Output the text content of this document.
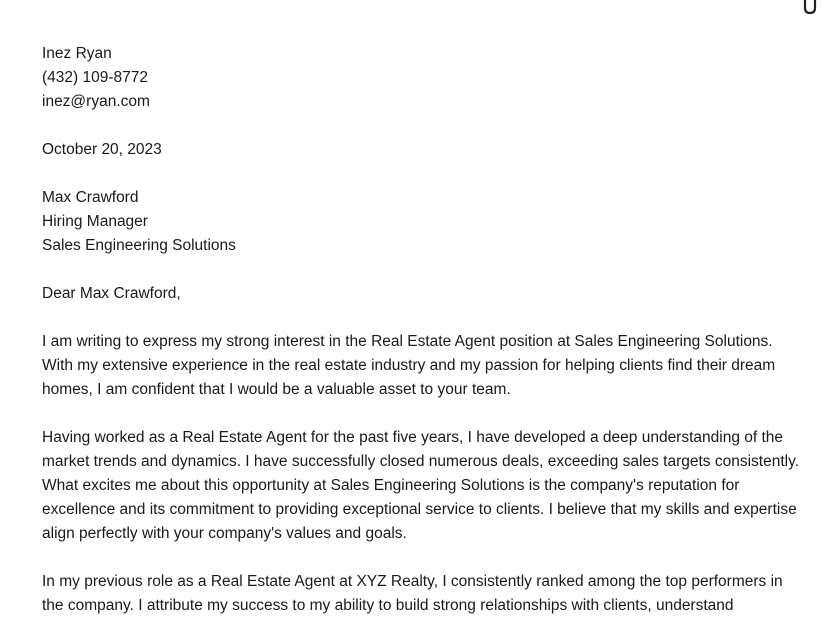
Inez Ryan
(432) 109-8772
inez@ryan.com
October 20, 2023
Max Crawford
Hiring Manager
Sales Engineering Solutions
Dear Max Crawford,

I am writing to express my strong interest in the Real Estate Agent position at Sales Engineering Solutions. With my extensive experience in the real estate industry and my passion for helping clients find their dream homes, I am confident that I would be a valuable asset to your team.

Having worked as a Real Estate Agent for the past five years, I have developed a deep understanding of the market trends and dynamics. I have successfully closed numerous deals, exceeding sales targets consistently. What excites me about this opportunity at Sales Engineering Solutions is the company's reputation for excellence and its commitment to providing exceptional service to clients. I believe that my skills and expertise align perfectly with your company's values and goals.

In my previous role as a Real Estate Agent at XYZ Realty, I consistently ranked among the top performers in the company. I attribute my success to my ability to build strong relationships with clients, understand
